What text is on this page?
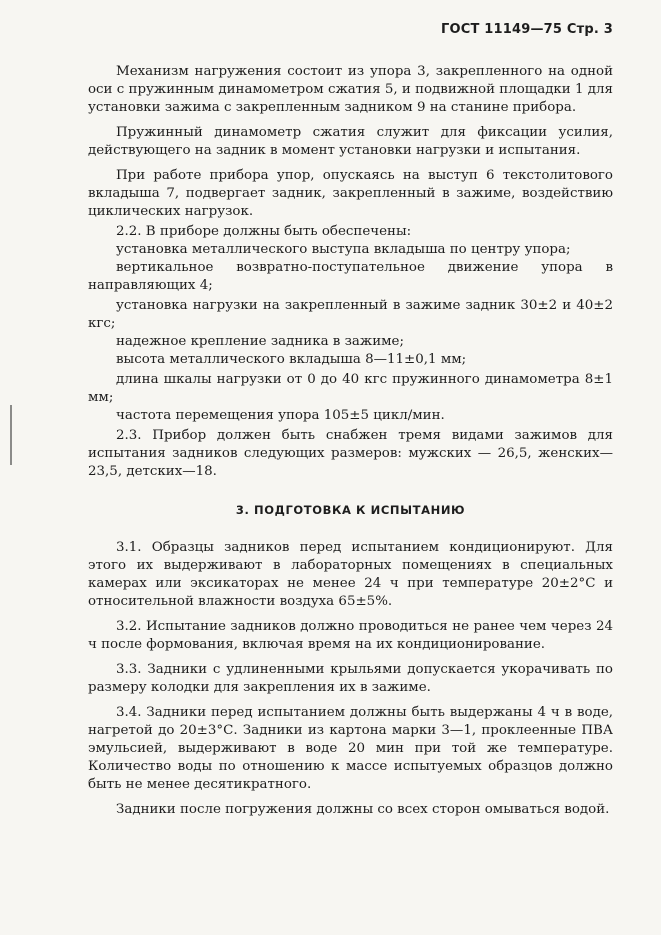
ГОСТ 11149—75 Стр. 3

Механизм нагружения состоит из упора 3, закрепленного на одной оси с пружинным динамометром сжатия 5, и подвижной площадки 1 для установки зажима с закрепленным задником 9 на станине прибора.

Пружинный динамометр сжатия служит для фиксации усилия, действующего на задник в момент установки нагрузки и испытания.

При работе прибора упор, опускаясь на выступ 6 текстолитового вкладыша 7, подвергает задник, закрепленный в зажиме, воздействию циклических нагрузок.

2.2. В приборе должны быть обеспечены:

установка металлического выступа вкладыша по центру упора;

вертикальное возвратно-поступательное движение упора в направляющих 4;

установка нагрузки на закрепленный в зажиме задник 30±2 и 40±2 кгс;

надежное крепление задника в зажиме;

высота металлического вкладыша 8—11±0,1 мм;

длина шкалы нагрузки от 0 до 40 кгс пружинного динамометра 8±1 мм;

частота перемещения упора 105±5 цикл/мин.

2.3. Прибор должен быть снабжен тремя видами зажимов для испытания задников следующих размеров: мужских — 26,5, женских—23,5, детских—18.

3. ПОДГОТОВКА К ИСПЫТАНИЮ

3.1. Образцы задников перед испытанием кондиционируют. Для этого их выдерживают в лабораторных помещениях в специальных камерах или эксикаторах не менее 24 ч при температуре 20±2°С и относительной влажности воздуха 65±5%.

3.2. Испытание задников должно проводиться не ранее чем через 24 ч после формования, включая время на их кондиционирование.

3.3. Задники с удлиненными крыльями допускается укорачивать по размеру колодки для закрепления их в зажиме.

3.4. Задники перед испытанием должны быть выдержаны 4 ч в воде, нагретой до 20±3°С. Задники из картона марки 3—1, проклеенные ПВА эмульсией, выдерживают в воде 20 мин при той же температуре. Количество воды по отношению к массе испытуемых образцов должно быть не менее десятикратного.

Задники после погружения должны со всех сторон омываться водой.
